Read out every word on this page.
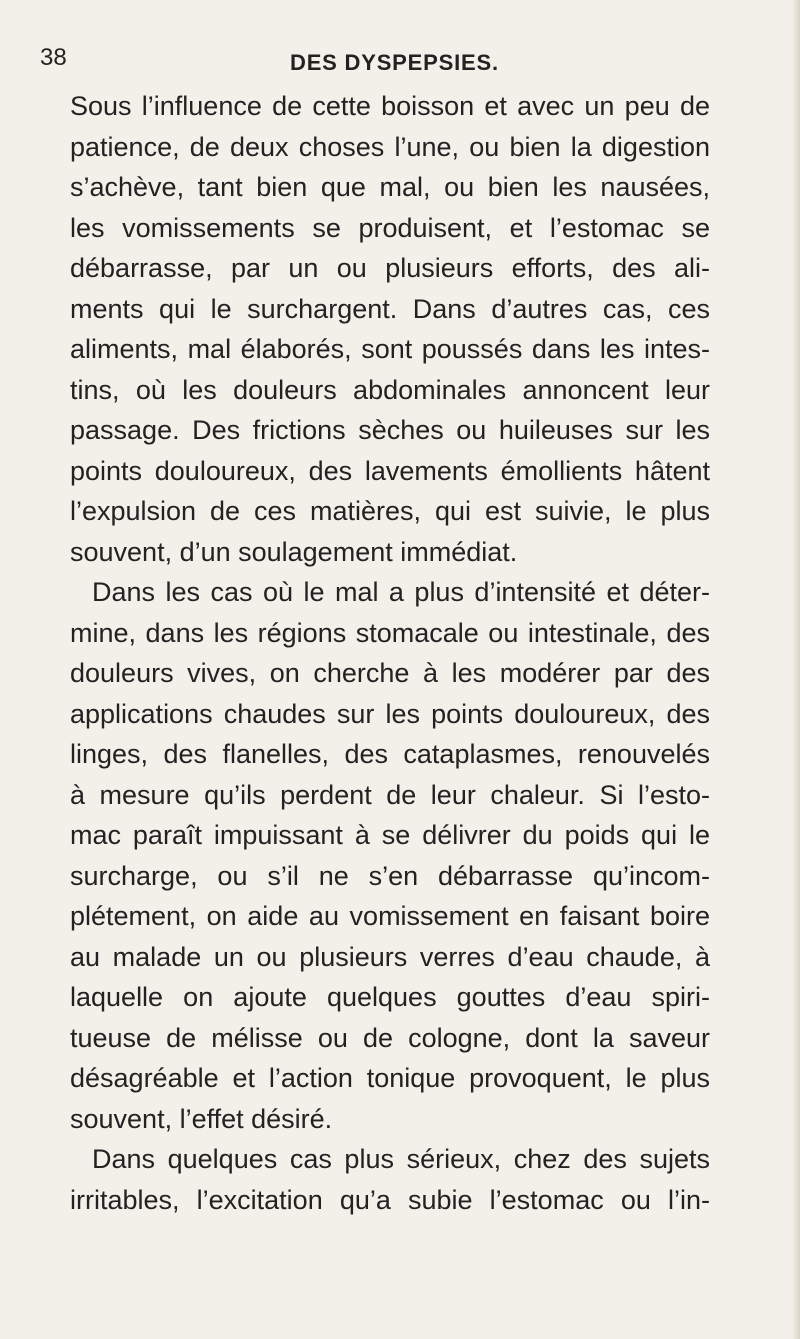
38	DES DYSPEPSIES.
Sous l’influence de cette boisson et avec un peu de
patience, de deux choses l’une, ou bien la digestion
s’achève, tant bien que mal, ou bien les nausées,
les vomissements se produisent, et l’estomac se
débarrasse, par un ou plusieurs efforts, des ali-
ments qui le surchargent. Dans d’autres cas, ces
aliments, mal élaborés, sont poussés dans les intes-
tins, où les douleurs abdominales annoncent leur
passage. Des frictions sèches ou huileuses sur les
points douloureux, des lavements émollients hâtent
l’expulsion de ces matières, qui est suivie, le plus
souvent, d’un soulagement immédiat.
Dans les cas où le mal a plus d’intensité et déter-
mine, dans les régions stomacale ou intestinale, des
douleurs vives, on cherche à les modérer par des
applications chaudes sur les points douloureux, des
linges, des flanelles, des cataplasmes, renouvelés
à mesure qu’ils perdent de leur chaleur. Si l’esto-
mac paraît impuissant à se délivrer du poids qui le
surcharge, ou s’il ne s’en débarrasse qu’incom-
plétement, on aide au vomissement en faisant boire
au malade un ou plusieurs verres d’eau chaude, à
laquelle on ajoute quelques gouttes d’eau spiri-
tueuse de mélisse ou de cologne, dont la saveur
désagréable et l’action tonique provoquent, le plus
souvent, l’effet désiré.
Dans quelques cas plus sérieux, chez des sujets
irritables, l’excitation qu’a subie l’estomac ou l’in-
